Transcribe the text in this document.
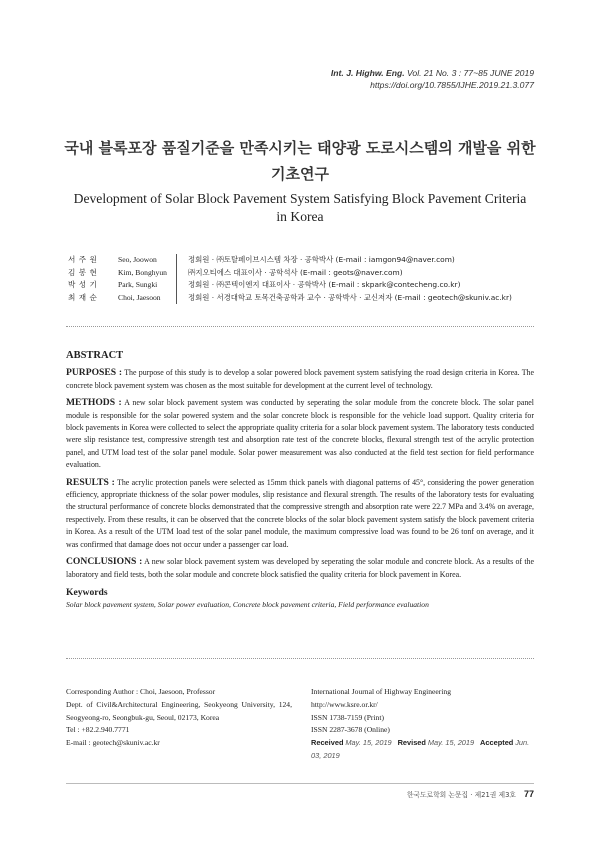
Int. J. Highw. Eng. Vol. 21 No. 3 : 77~85 JUNE 2019
https://doi.org/10.7855/IJHE.2019.21.3.077
국내 블록포장 품질기준을 만족시키는 태양광 도로시스템의 개발을 위한
기초연구
Development of Solar Block Pavement System Satisfying Block Pavement Criteria
in Korea
서 주 원	Seo, Joowon	정회원 · ㈜토탈페이브시스템 차장 · 공학박사 (E-mail : iamgon94@naver.com)
김 봉 현	Kim, Bonghyun	㈜지오티에스 대표이사 · 공학석사 (E-mail : geots@naver.com)
박 성 기	Park, Sungki	정회원 · ㈜콘텍이엔지 대표이사 · 공학박사 (E-mail : skpark@contecheng.co.kr)
최 재 순	Choi, Jaesoon	정회원 · 서경대학교 토목건축공학과 교수 · 공학박사 · 교신저자 (E-mail : geotech@skuniv.ac.kr)
ABSTRACT

PURPOSES : The purpose of this study is to develop a solar powered block pavement system satisfying the road design criteria in Korea. The concrete block pavement system was chosen as the most suitable for development at the current level of technology.

METHODS : A new solar block pavement system was conducted by seperating the solar module from the concrete block. The solar panel module is responsible for the solar powered system and the solar concrete block is responsible for the vehicle load support. Quality criteria for block pavements in Korea were collected to select the appropriate quality criteria for a solar block pavement system. The laboratory tests conducted were slip resistance test, compressive strength test and absorption rate test of the concrete blocks, flexural strength test of the acrylic protection panel, and UTM load test of the solar panel module. Solar power measurement was also conducted at the field test section for field performance evaluation.

RESULTS : The acrylic protection panels were selected as 15mm thick panels with diagonal patterns of 45°, considering the power generation efficiency, appropriate thickness of the solar power modules, slip resistance and flexural strength. The results of the laboratory tests for evaluating the structural performance of concrete blocks demonstrated that the compressive strength and absorption rate were 22.7 MPa and 3.4% on average, respectively. From these results, it can be observed that the concrete blocks of the solar block pavement system satisfy the block pavement criteria in Korea. As a result of the UTM load test of the solar panel module, the maximum compressive load was found to be 26 tonf on average, and it was confirmed that damage does not occur under a passenger car load.

CONCLUSIONS : A new solar block pavement system was developed by seperating the solar module and concrete block. As a results of the laboratory and field tests, both the solar module and concrete block satisfied the quality criteria for block pavement in Korea.

Keywords
Solar block pavement system, Solar power evaluation, Concrete block pavement criteria, Field performance evaluation
Corresponding Author : Choi, Jaesoon, Professor
Dept. of Civil&Architectural Engineering, Seokyeong University, 124, Seogyeong-ro, Seongbuk-gu, Seoul, 02173, Korea
Tel : +82.2.940.7771
E-mail : geotech@skuniv.ac.kr
International Journal of Highway Engineering
http://www.ksre.or.kr/
ISSN 1738-7159 (Print)
ISSN 2287-3678 (Online)
Received May. 15, 2019 Revised May. 15, 2019 Accepted Jun. 03, 2019
한국도로학회 논문집 · 제21권 제3호 77
